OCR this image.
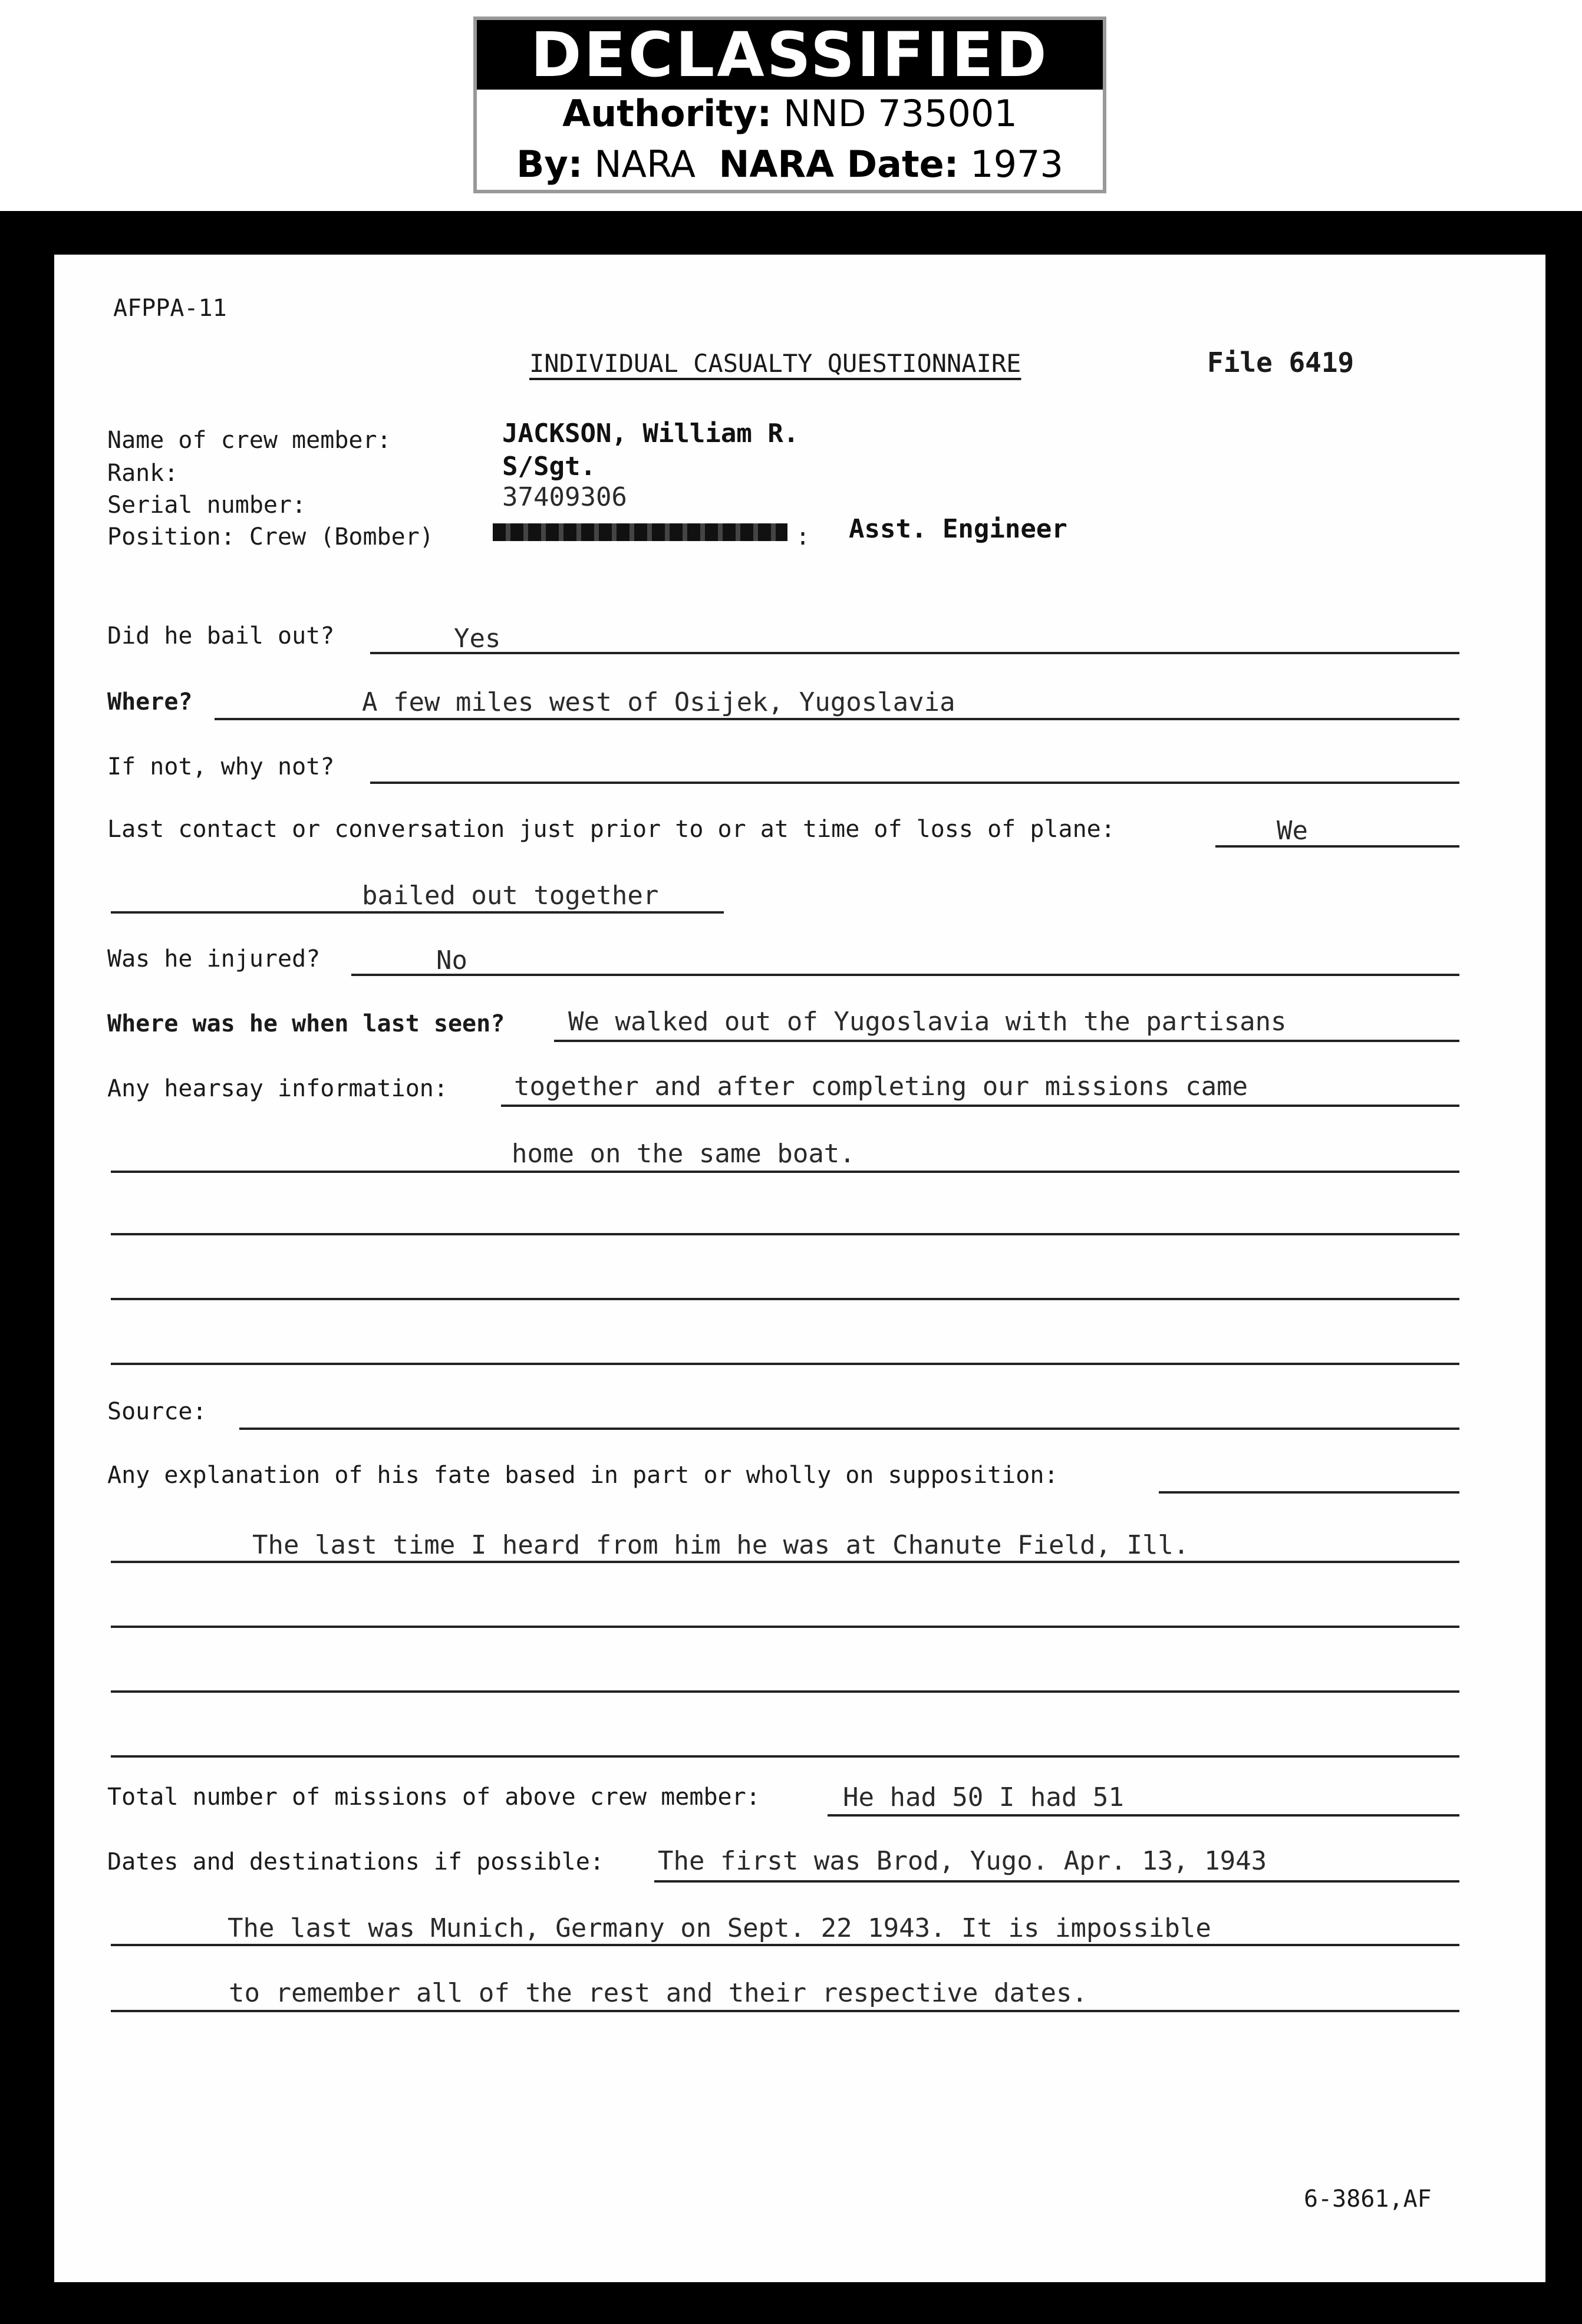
DECLASSIFIED
Authority: NND 735001
By: NARA NARA Date: 1973
AFPPA-11
INDIVIDUAL CASUALTY QUESTIONNAIRE	File 6419
Name of crew member:	JACKSON, William R.
Rank:	S/Sgt.
Serial number:	37409306
Position: Crew (Bomber)	: Asst. Engineer
Did he bail out?	Yes
Where?	A few miles west of Osijek, Yugoslavia
If not, why not?
Last contact or conversation just prior to or at time of loss of plane:	We
bailed out together
Was he injured?	No
Where was he when last seen? We walked out of Yugoslavia with the partisans
Any hearsay information:	together and after completing our missions came
home on the same boat.
Source:
Any explanation of his fate based in part or wholly on supposition:
The last time I heard from him he was at Chanute Field, Ill.
Total number of missions of above crew member:	He had 50 I had 51
Dates and destinations if possible: The first was Brod, Yugo. Apr. 13, 1943
The last was Munich, Germany on Sept. 22 1943. It is impossible
to remember all of the rest and their respective dates.
6-3861,AF
